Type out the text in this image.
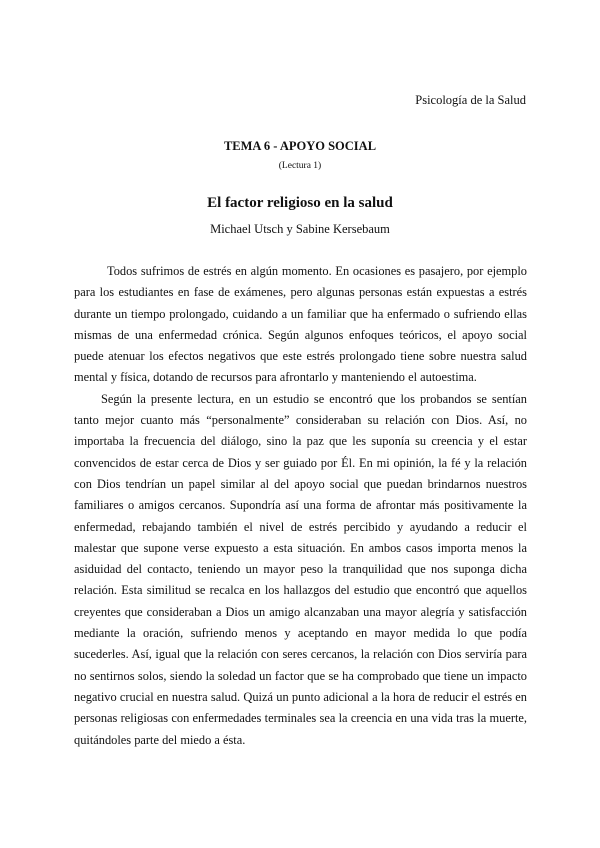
Psicología de la Salud

TEMA 6 - APOYO SOCIAL

(Lectura 1)

El factor religioso en la salud

Michael Utsch y Sabine Kersebaum

Todos sufrimos de estrés en algún momento. En ocasiones es pasajero, por ejemplo para los estudiantes en fase de exámenes, pero algunas personas están expuestas a estrés durante un tiempo prolongado, cuidando a un familiar que ha enfermado o sufriendo ellas mismas de una enfermedad crónica. Según algunos enfoques teóricos, el apoyo social puede atenuar los efectos negativos que este estrés prolongado tiene sobre nuestra salud mental y física, dotando de recursos para afrontarlo y manteniendo el autoestima.

Según la presente lectura, en un estudio se encontró que los probandos se sentían tanto mejor cuanto más “personalmente” consideraban su relación con Dios. Así, no importaba la frecuencia del diálogo, sino la paz que les suponía su creencia y el estar convencidos de estar cerca de Dios y ser guiado por Él. En mi opinión, la fé y la relación con Dios tendrían un papel similar al del apoyo social que puedan brindarnos nuestros familiares o amigos cercanos. Supondría así una forma de afrontar más positivamente la enfermedad, rebajando también el nivel de estrés percibido y ayudando a reducir el malestar que supone verse expuesto a esta situación. En ambos casos importa menos la asiduidad del contacto, teniendo un mayor peso la tranquilidad que nos suponga dicha relación. Esta similitud se recalca en los hallazgos del estudio que encontró que aquellos creyentes que consideraban a Dios un amigo alcanzaban una mayor alegría y satisfacción mediante la oración, sufriendo menos y aceptando en mayor medida lo que podía sucederles. Así, igual que la relación con seres cercanos, la relación con Dios serviría para no sentirnos solos, siendo la soledad un factor que se ha comprobado que tiene un impacto negativo crucial en nuestra salud. Quizá un punto adicional a la hora de reducir el estrés en personas religiosas con enfermedades terminales sea la creencia en una vida tras la muerte, quitándoles parte del miedo a ésta.
